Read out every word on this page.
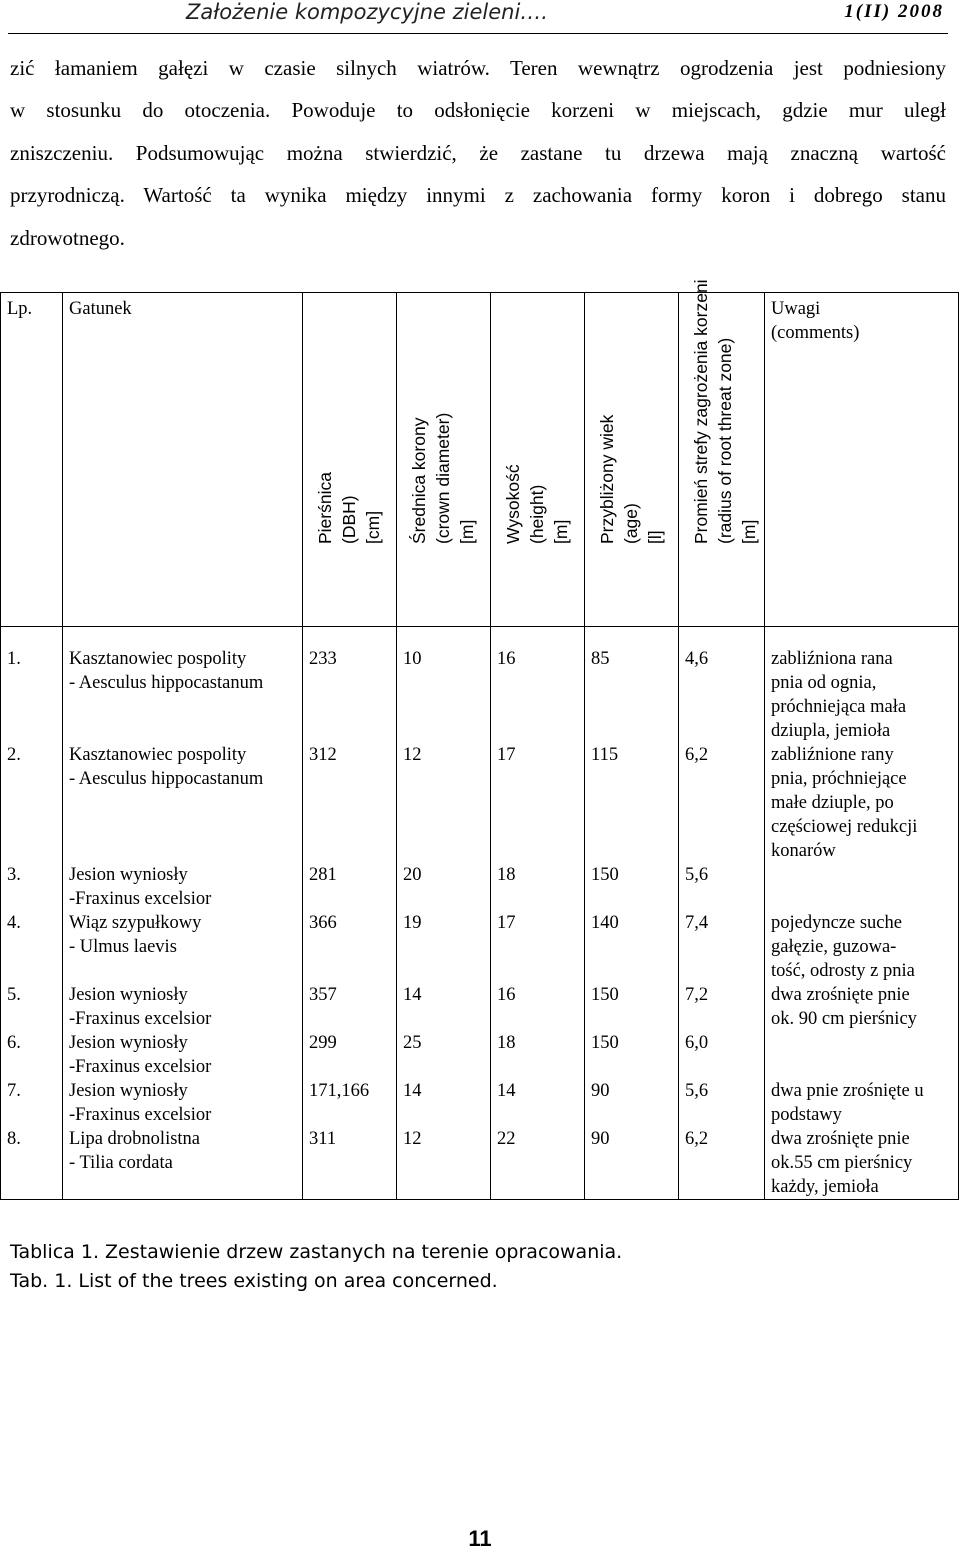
Założenie kompozycyjne zieleni….	1(II) 2008
zić łamaniem gałęzi w czasie silnych wiatrów. Teren wewnątrz ogrodzenia jest podniesiony
w stosunku do otoczenia. Powoduje to odsłonięcie korzeni w miejscach, gdzie mur uległ
zniszczeniu. Podsumowując można stwierdzić, że zastane tu drzewa mają znaczną wartość
przyrodniczą. Wartość ta wynika między innymi z zachowania formy koron i dobrego stanu
zdrowotnego.
Lp.	Gatunek	Pierśnica (DBH) [cm]	Średnica korony (crown diameter) [m]	Wysokość (height) [m]	Przybliżony wiek (age) [l]	Promień strefy zagrożenia korzeni (radius of root threat zone) [m]	Uwagi
(comments)

1.	Kasztanowiec pospolity
- Aesculus hippocastanum	233	10	16	85	4,6	zabliźniona rana
pnia od ognia,
próchniejąca mała
dziupla, jemioła

2.	Kasztanowiec pospolity
- Aesculus hippocastanum	312	12	17	115	6,2	zabliźnione rany
pnia, próchniejące
małe dziuple, po
częściowej redukcji
konarów

3.	Jesion wyniosły
-Fraxinus excelsior	281	20	18	150	5,6	

4.	Wiąz szypułkowy
- Ulmus laevis	366	19	17	140	7,4	pojedyncze suche
gałęzie, guzowa-
tość, odrosty z pnia

5.	Jesion wyniosły
-Fraxinus excelsior	357	14	16	150	7,2	dwa zrośnięte pnie
ok. 90 cm pierśnicy

6.	Jesion wyniosły
-Fraxinus excelsior	299	25	18	150	6,0	

7.	Jesion wyniosły
-Fraxinus excelsior	171,166	14	14	90	5,6	dwa pnie zrośnięte u
podstawy

8.	Lipa drobnolistna
- Tilia cordata	311	12	22	90	6,2	dwa zrośnięte pnie
ok.55 cm pierśnicy
każdy, jemioła
Tablica 1. Zestawienie drzew zastanych na terenie opracowania.
Tab. 1. List of the trees existing on area concerned.
11
